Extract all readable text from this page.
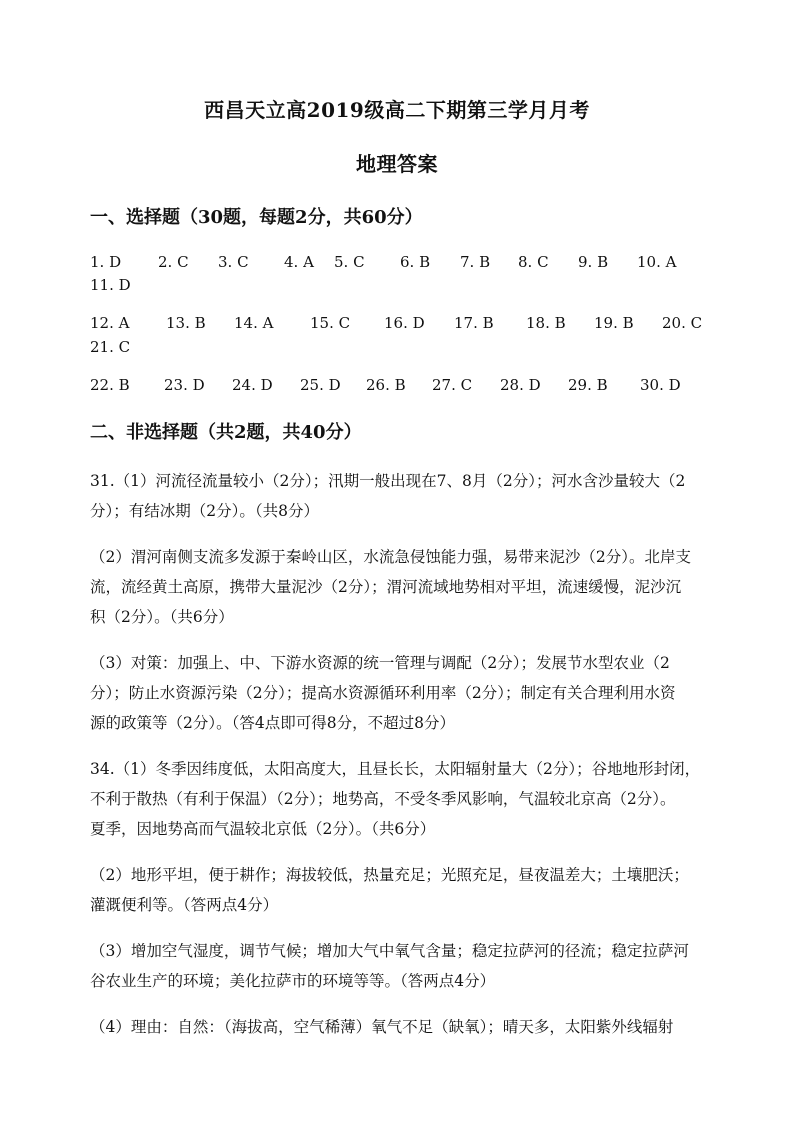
西昌天立高2019级高二下期第三学月月考
地理答案
一、选择题（30题，每题2分，共60分）
1. D 2. C 3. C 4. A 5. C 6. B 7. B 8. C 9. B 10. A
11. D
12. A 13. B 14. A 15. C 16. D 17. B 18. B 19. B 20. C
21. C
22. B 23. D 24. D 25. D 26. B 27. C 28. D 29. B 30. D
二、非选择题（共2题，共40分）
31.（1）河流径流量较小（2分）；汛期一般出现在7、8月（2分）；河水含沙量较大（2
分）；有结冰期（2分）。（共8分）
（2）渭河南侧支流多发源于秦岭山区，水流急侵蚀能力强，易带来泥沙（2分）。北岸支
流，流经黄土高原，携带大量泥沙（2分）；渭河流域地势相对平坦，流速缓慢，泥沙沉
积（2分）。（共6分）
（3）对策：加强上、中、下游水资源的统一管理与调配（2分）；发展节水型农业（2
分）；防止水资源污染（2分）；提高水资源循环利用率（2分）；制定有关合理利用水资
源的政策等（2分）。（答4点即可得8分，不超过8分）
34.（1）冬季因纬度低，太阳高度大，且昼长长，太阳辐射量大（2分）；谷地地形封闭，
不利于散热（有利于保温）（2分）；地势高，不受冬季风影响，气温较北京高（2分）。
夏季，因地势高而气温较北京低（2分）。（共6分）
（2）地形平坦，便于耕作；海拔较低，热量充足；光照充足，昼夜温差大；土壤肥沃；
灌溉便利等。（答两点4分）
（3）增加空气湿度，调节气候；增加大气中氧气含量；稳定拉萨河的径流；稳定拉萨河
谷农业生产的环境；美化拉萨市的环境等等。（答两点4分）
（4）理由：自然：（海拔高，空气稀薄）氧气不足（缺氧）；晴天多，太阳紫外线辐射
